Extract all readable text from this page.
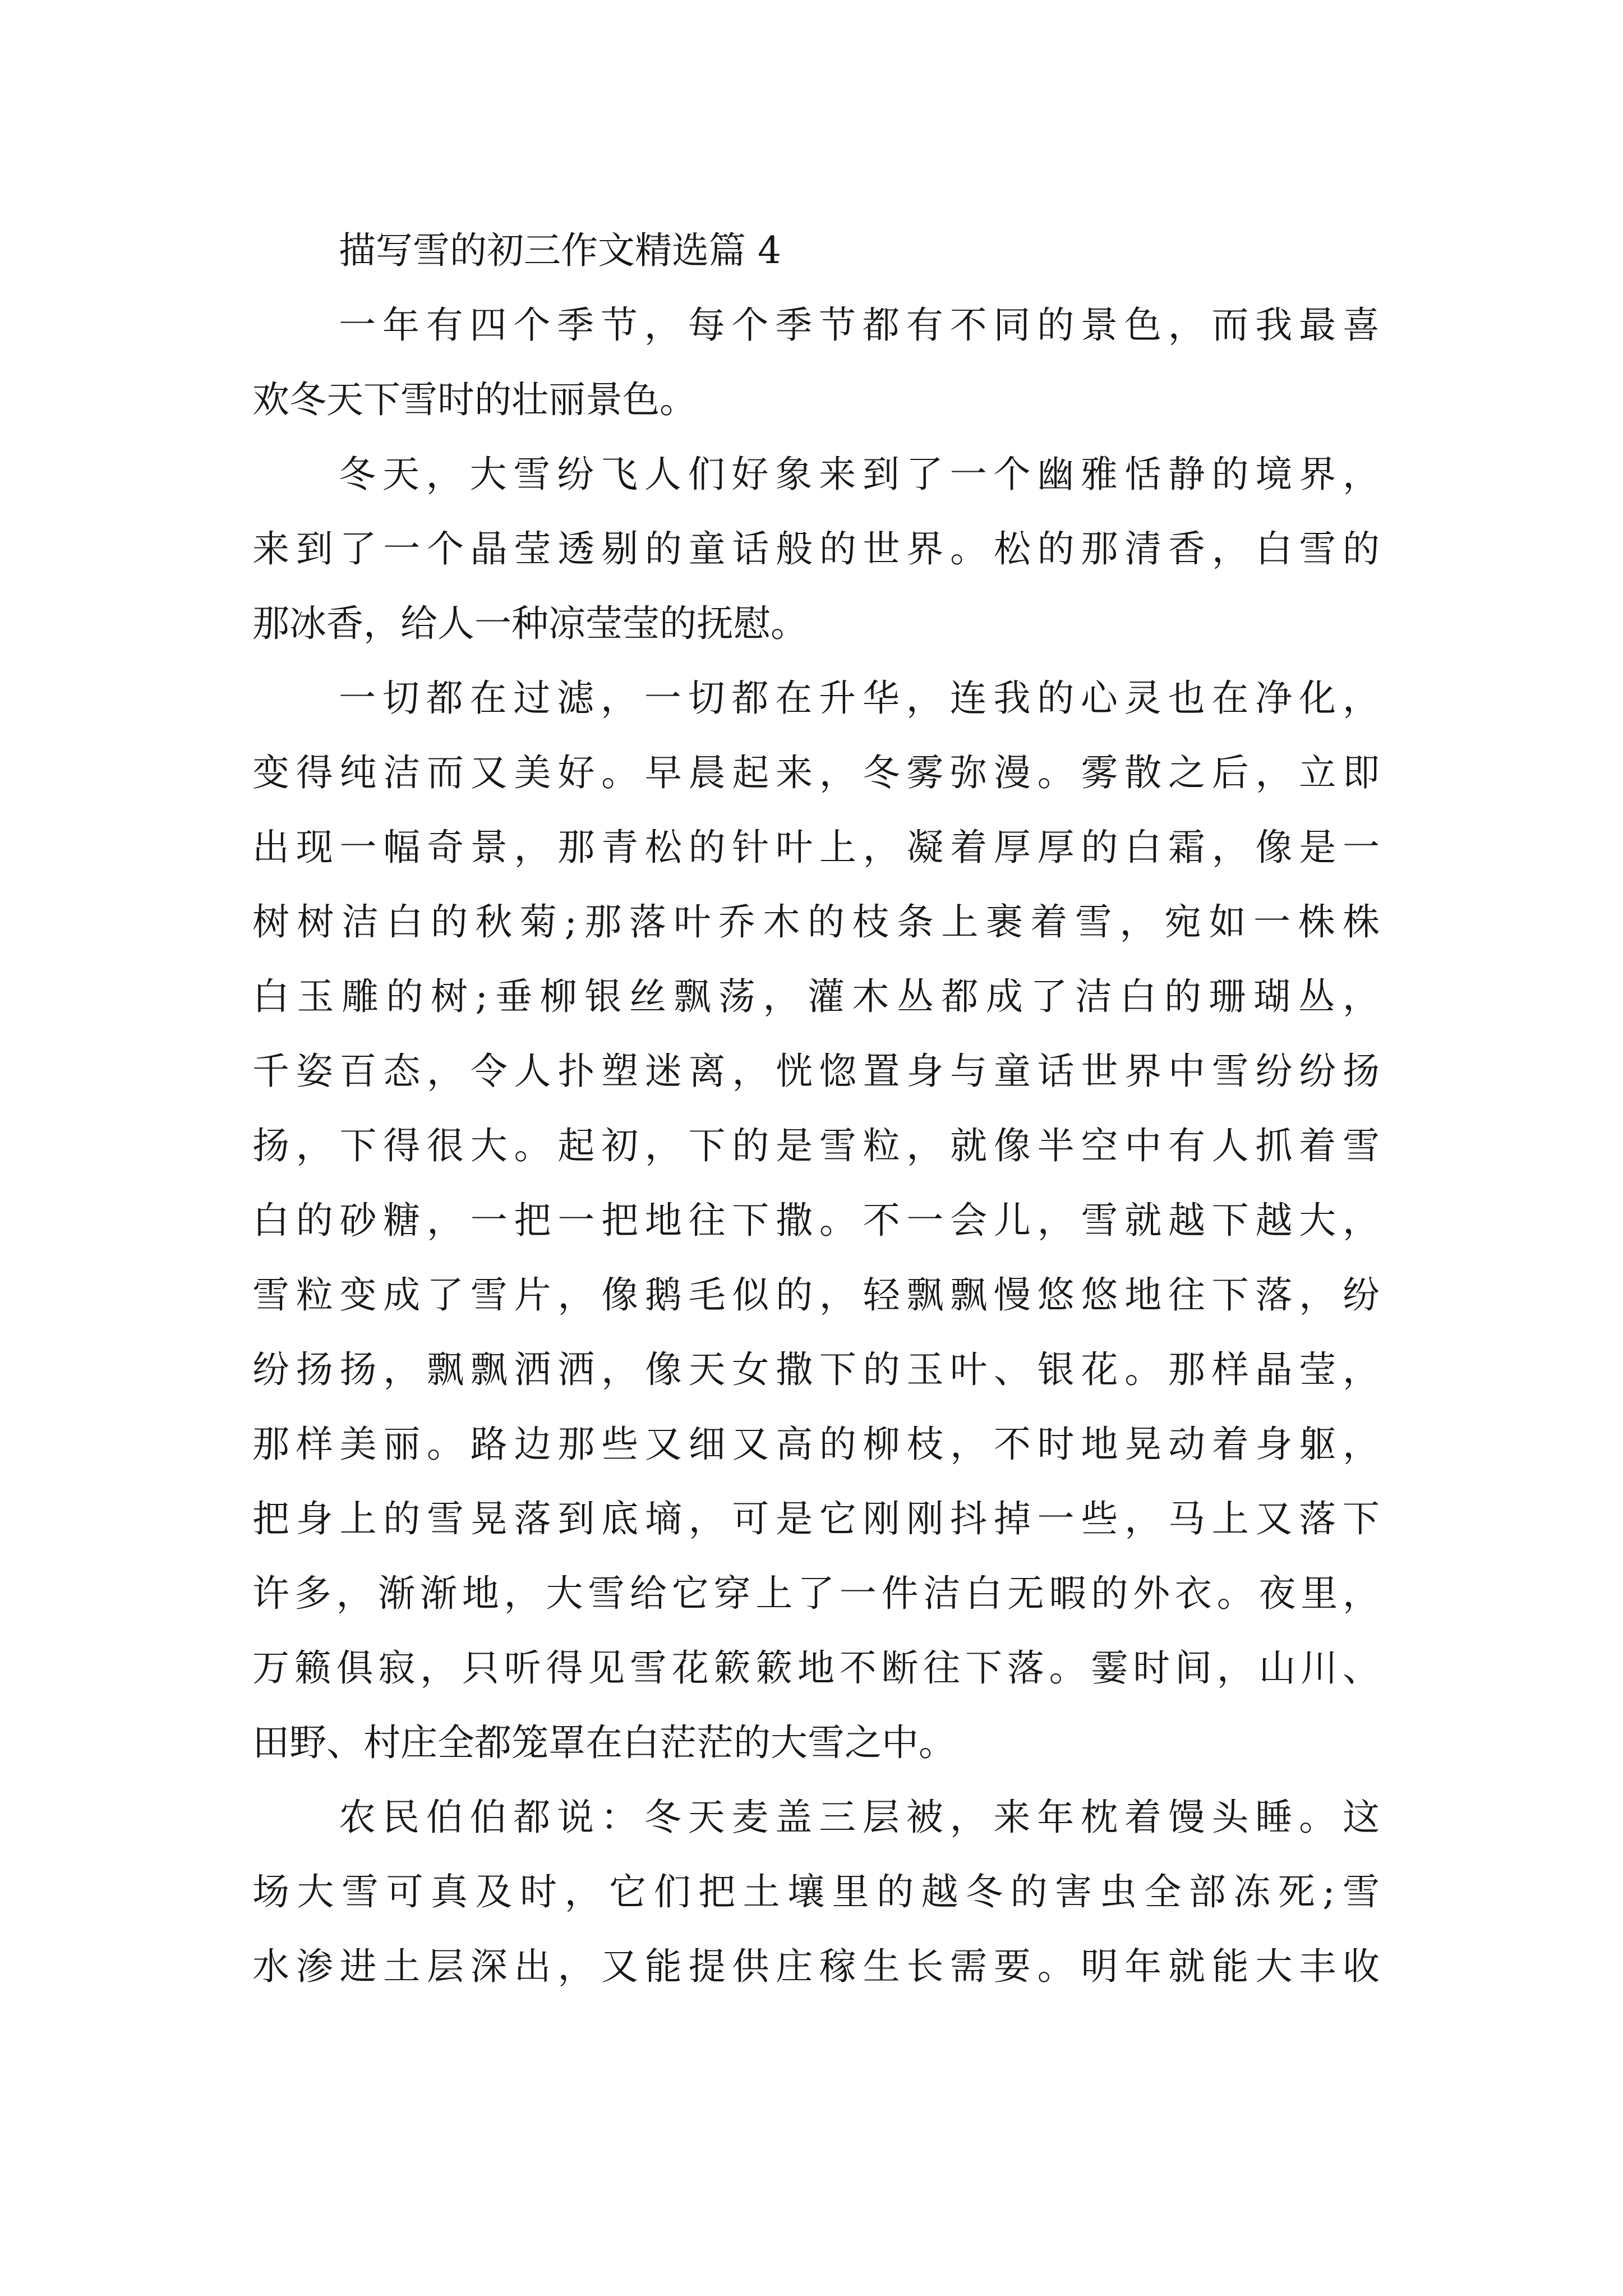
描写雪的初三作文精选篇 4
一年有四个季节，每个季节都有不同的景色，而我最喜
欢冬天下雪时的壮丽景色。
冬天，大雪纷飞人们好象来到了一个幽雅恬静的境界，
来到了一个晶莹透剔的童话般的世界。松的那清香，白雪的
那冰香，给人一种凉莹莹的抚慰。
一切都在过滤，一切都在升华，连我的心灵也在净化，
变得纯洁而又美好。早晨起来，冬雾弥漫。雾散之后，立即
出现一幅奇景，那青松的针叶上，凝着厚厚的白霜，像是一
树树洁白的秋菊;那落叶乔木的枝条上裹着雪，宛如一株株
白玉雕的树;垂柳银丝飘荡，灌木丛都成了洁白的珊瑚丛，
千姿百态，令人扑塑迷离，恍惚置身与童话世界中雪纷纷扬
扬，下得很大。起初，下的是雪粒，就像半空中有人抓着雪
白的砂糖，一把一把地往下撒。不一会儿，雪就越下越大，
雪粒变成了雪片，像鹅毛似的，轻飘飘慢悠悠地往下落，纷
纷扬扬，飘飘洒洒，像天女撒下的玉叶、银花。那样晶莹，
那样美丽。路边那些又细又高的柳枝，不时地晃动着身躯，
把身上的雪晃落到底墒，可是它刚刚抖掉一些，马上又落下
许多，渐渐地，大雪给它穿上了一件洁白无暇的外衣。夜里，
万籁俱寂，只听得见雪花簌簌地不断往下落。霎时间，山川、
田野、村庄全都笼罩在白茫茫的大雪之中。
农民伯伯都说：冬天麦盖三层被，来年枕着馒头睡。这
场大雪可真及时，它们把土壤里的越冬的害虫全部冻死;雪
水渗进土层深出，又能提供庄稼生长需要。明年就能大丰收
